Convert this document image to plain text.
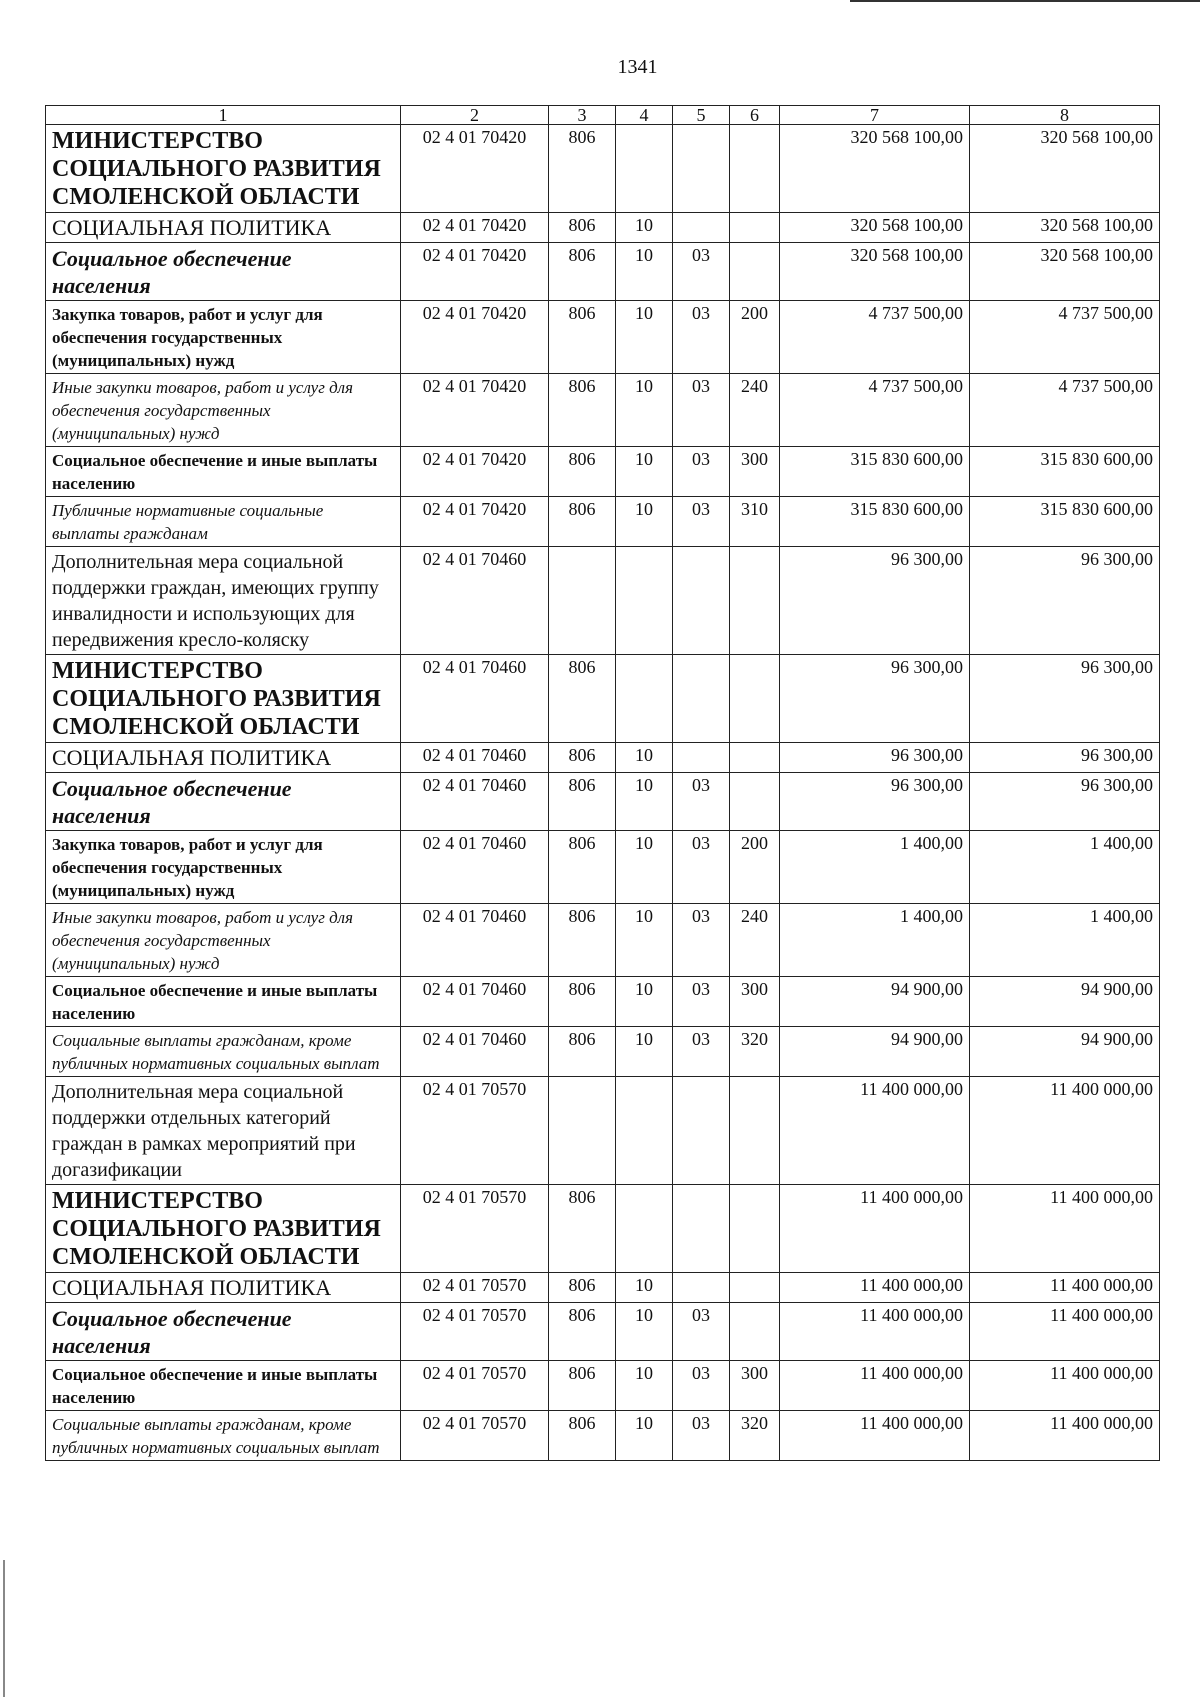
1341
1	2	3	4	5	6	7	8
МИНИСТЕРСТВО СОЦИАЛЬНОГО РАЗВИТИЯ СМОЛЕНСКОЙ ОБЛАСТИ	02 4 01 70420	806				320 568 100,00	320 568 100,00
СОЦИАЛЬНАЯ ПОЛИТИКА	02 4 01 70420	806	10			320 568 100,00	320 568 100,00
Социальное обеспечение населения	02 4 01 70420	806	10	03		320 568 100,00	320 568 100,00
Закупка товаров, работ и услуг для обеспечения государственных (муниципальных) нужд	02 4 01 70420	806	10	03	200	4 737 500,00	4 737 500,00
Иные закупки товаров, работ и услуг для обеспечения государственных (муниципальных) нужд	02 4 01 70420	806	10	03	240	4 737 500,00	4 737 500,00
Социальное обеспечение и иные выплаты населению	02 4 01 70420	806	10	03	300	315 830 600,00	315 830 600,00
Публичные нормативные социальные выплаты гражданам	02 4 01 70420	806	10	03	310	315 830 600,00	315 830 600,00
Дополнительная мера социальной поддержки граждан, имеющих группу инвалидности и использующих для передвижения кресло-коляску	02 4 01 70460					96 300,00	96 300,00
МИНИСТЕРСТВО СОЦИАЛЬНОГО РАЗВИТИЯ СМОЛЕНСКОЙ ОБЛАСТИ	02 4 01 70460	806				96 300,00	96 300,00
СОЦИАЛЬНАЯ ПОЛИТИКА	02 4 01 70460	806	10			96 300,00	96 300,00
Социальное обеспечение населения	02 4 01 70460	806	10	03		96 300,00	96 300,00
Закупка товаров, работ и услуг для обеспечения государственных (муниципальных) нужд	02 4 01 70460	806	10	03	200	1 400,00	1 400,00
Иные закупки товаров, работ и услуг для обеспечения государственных (муниципальных) нужд	02 4 01 70460	806	10	03	240	1 400,00	1 400,00
Социальное обеспечение и иные выплаты населению	02 4 01 70460	806	10	03	300	94 900,00	94 900,00
Социальные выплаты гражданам, кроме публичных нормативных социальных выплат	02 4 01 70460	806	10	03	320	94 900,00	94 900,00
Дополнительная мера социальной поддержки отдельных категорий граждан в рамках мероприятий при догазификации	02 4 01 70570					11 400 000,00	11 400 000,00
МИНИСТЕРСТВО СОЦИАЛЬНОГО РАЗВИТИЯ СМОЛЕНСКОЙ ОБЛАСТИ	02 4 01 70570	806				11 400 000,00	11 400 000,00
СОЦИАЛЬНАЯ ПОЛИТИКА	02 4 01 70570	806	10			11 400 000,00	11 400 000,00
Социальное обеспечение населения	02 4 01 70570	806	10	03		11 400 000,00	11 400 000,00
Социальное обеспечение и иные выплаты населению	02 4 01 70570	806	10	03	300	11 400 000,00	11 400 000,00
Социальные выплаты гражданам, кроме публичных нормативных социальных выплат	02 4 01 70570	806	10	03	320	11 400 000,00	11 400 000,00
